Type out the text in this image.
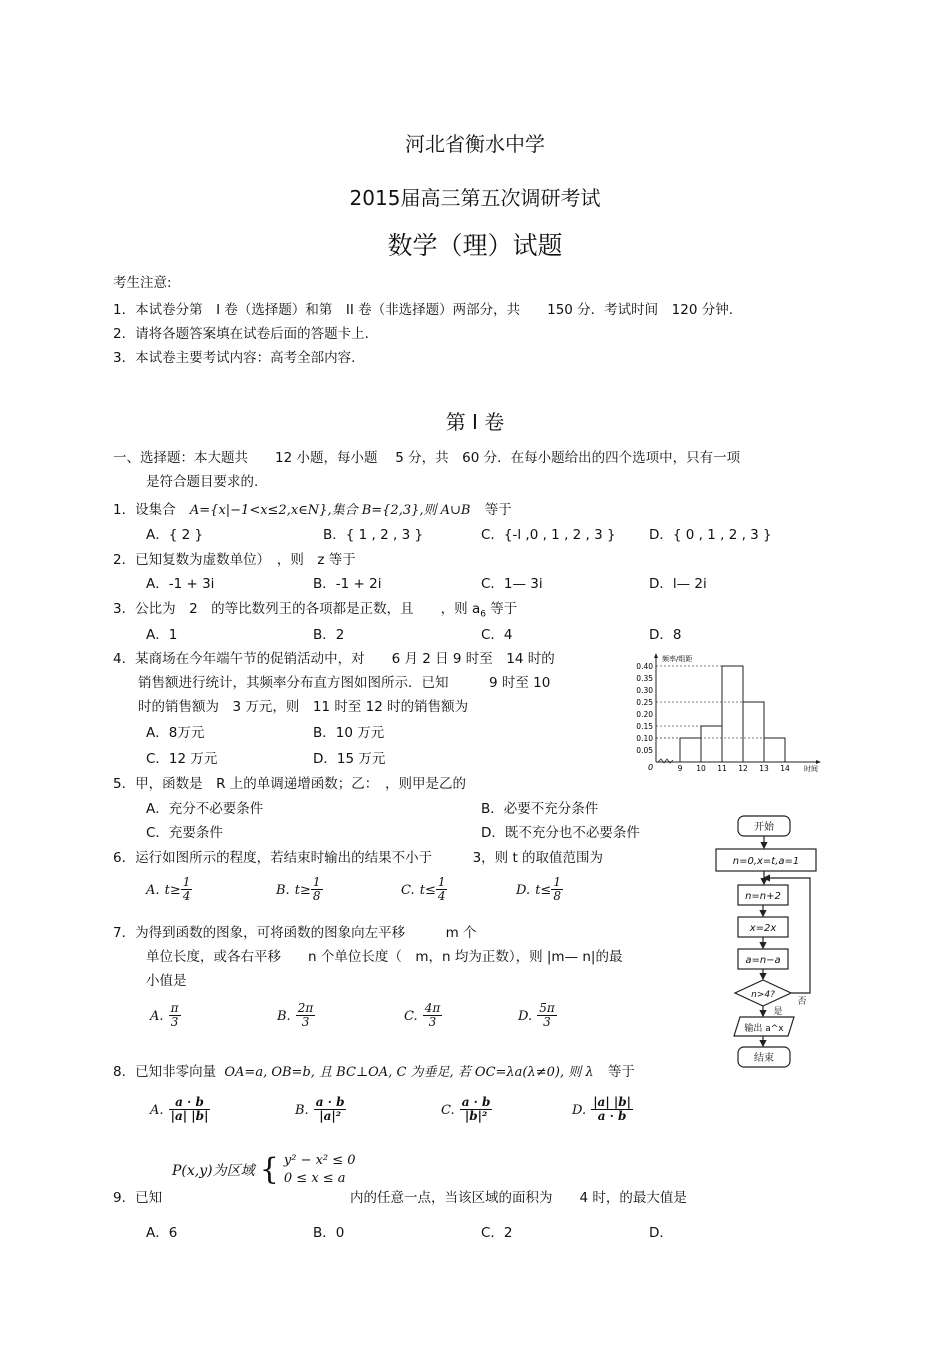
河北省衡水中学
2015届高三第五次调研考试
数学（理）试题
考生注意:
1．本试卷分第　I 卷（选择题）和第　II 卷（非选择题）两部分，共　　150 分．考试时间　120 分钟.
2．请将各题答案填在试卷后面的答题卡上.
3．本试卷主要考试内容：高考全部内容.
第 I 卷
一、选择题：本大题共　　12 小题，每小题　 5 分，共　60 分．在每小题给出的四个选项中，只有一项
是符合题目要求的.
1．设集合 A={x|−1<x≤2,x∈N},集合 B={2,3},则 A∪B 等于
A．{ 2 }	B．{ 1 , 2 , 3 }	C．{-l ,0 , 1 , 2 , 3 } D．{ 0 , 1 , 2 , 3 }
2．已知复数为虚数单位）　，则　z 等于
A．-1 + 3i	B．-1 + 2i	C．1— 3i	D．l— 2i
3．公比为　2　的等比数列王的各项都是正数，且　　，则 $a_6$ 等于
A．1	B．2	C．4	D．8
4．某商场在今年端午节的促销活动中，对　　6 月 2 日 9 时至　14 时的
销售额进行统计，其频率分布直方图如图所示．已知　　　9 时至 10
时的销售额为　3 万元，则　11 时至 12 时的销售额为
A．8万元	B．10 万元
C．12 万元	D．15 万元
频率/组距
时间
0
0.40
0.35
0.30
0.25
0.20
0.15
0.10
0.05
9 10 11 12 13 14
5．甲，函数是　R 上的单调递增函数；乙：　，则甲是乙的
A．充分不必要条件	B．必要不充分条件
C．充要条件	D．既不充分也不必要条件
6．运行如图所示的程度，若结束时输出的结果不小于　　　3，则 t 的取值范围为
A. $t\ge \frac{1}{4}$	B. $t\ge \frac{1}{8}$	C. $t\le \frac{1}{4}$	D. $t\le \frac{1}{8}$
7．为得到函数的图象，可将函数的图象向左平移　　　m 个
单位长度，或各右平移　　n 个单位长度（　m，n 均为正数），则 |m— n|的最
小值是
A. $\frac{\pi}{3}$	B. $\frac{2\pi}{3}$	C. $\frac{4\pi}{3}$	D. $\frac{5\pi}{3}$
开始
n=0,x=t,a=1
n=n+2
x=2x
a=n−a
n>4?
是
否
输出 a^x
结束
8．已知非零向量 OA=a, OB=b, 且 BC⊥OA, C 为垂足, 若 OC=λa(λ≠0), 则 λ 等于
A. $\frac{a \cdot b}{|a| |b|}$	B. $\frac{a \cdot b}{\text{|a|²}}$	C. $\frac{a \cdot b}{\text{|b|²}}$	D. $\frac{|a| |b|}{a \cdot b}$
P(x,y)为区域 { y² − x² ≤ 0
0 ≤ x ≤ a
9．已知	内的任意一点，当该区域的面积为　　4 时，的最大值是
A．6	B．0	C．2	D．
